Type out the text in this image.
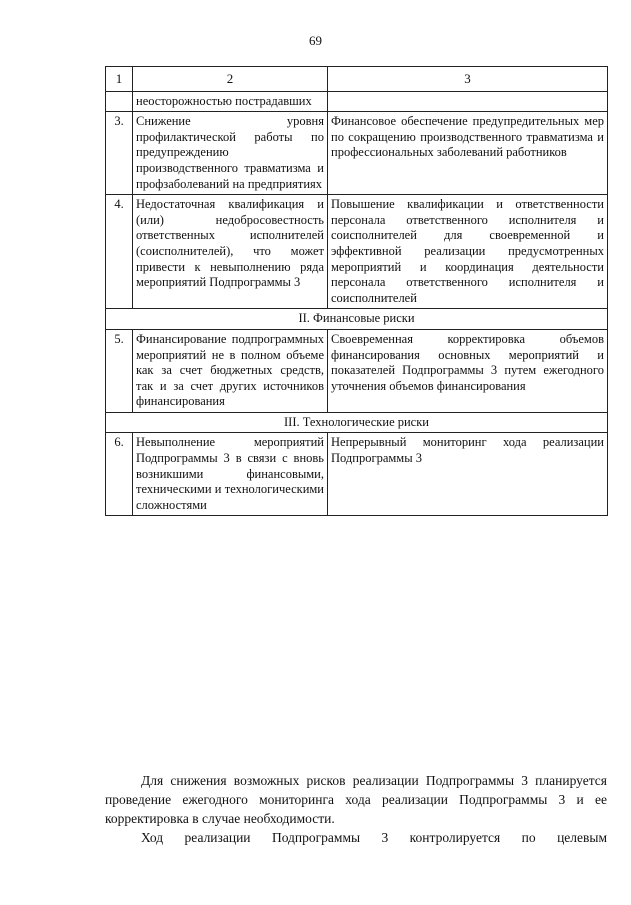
69
1	2	3
	неосторожностью пострадавших	
3.	Снижение уровня профилактической работы по предупреждению производственного травматизма и профзаболеваний на предприятиях	Финансовое обеспечение предупредительных мер по сокращению производственного травматизма и профессиональных заболеваний работников
4.	Недостаточная квалификация и (или) недобросовестность ответственных исполнителей (соисполнителей), что может привести к невыполнению ряда мероприятий Подпрограммы 3	Повышение квалификации и ответственности персонала ответственного исполнителя и соисполнителей для своевременной и эффективной реализации предусмотренных мероприятий и координация деятельности персонала ответственного исполнителя и соисполнителей
II. Финансовые риски		
5.	Финансирование подпрограммных мероприятий не в полном объеме как за счет бюджетных средств, так и за счет других источников финансирования	Своевременная корректировка объемов финансирования основных мероприятий и показателей Подпрограммы 3 путем ежегодного уточнения объемов финансирования
III. Технологические риски		
6.	Невыполнение мероприятий Подпрограммы 3 в связи с вновь возникшими финансовыми, техническими и технологическими сложностями	Непрерывный мониторинг хода реализации Подпрограммы 3

Для снижения возможных рисков реализации Подпрограммы 3 планируется проведение ежегодного мониторинга хода реализации Подпрограммы 3 и ее корректировка в случае необходимости.

Ход реализации Подпрограммы 3 контролируется по целевым
